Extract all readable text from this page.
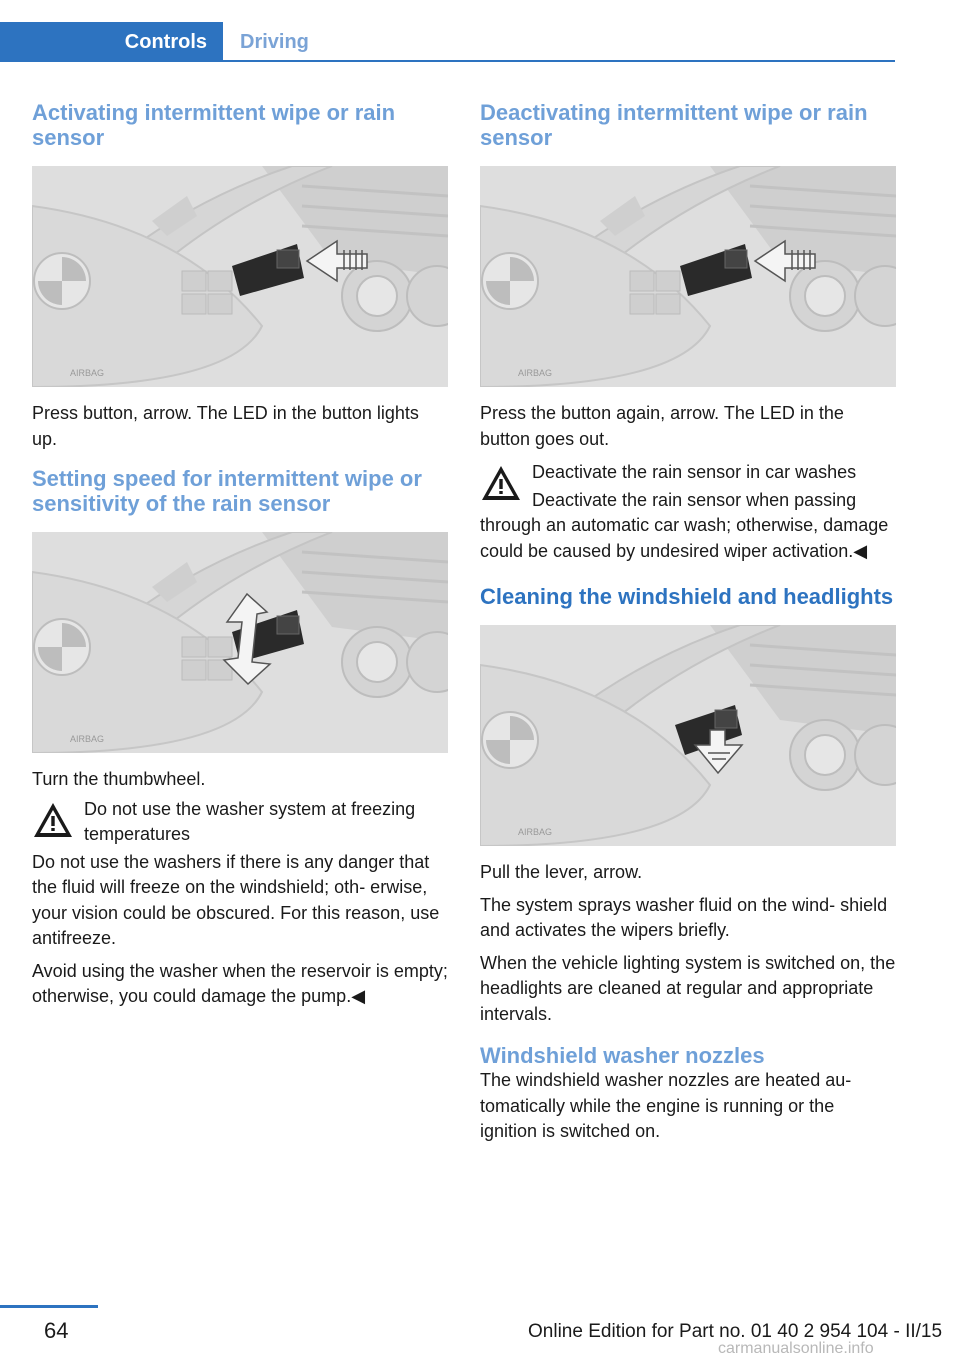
Controls	Driving
Activating intermittent wipe or rain sensor
AIRBAG

Press button, arrow. The LED in the button lights up.

Setting speed for intermittent wipe or sensitivity of the rain sensor
AIRBAG

Turn the thumbwheel.

Do not use the washer system at freezing temperatures

Do not use the washers if there is any danger that the fluid will freeze on the windshield; oth- erwise, your vision could be obscured. For this reason, use antifreeze.

Avoid using the washer when the reservoir is empty; otherwise, you could damage the pump.◀

Deactivating intermittent wipe or rain sensor
AIRBAG

Press the button again, arrow. The LED in the button goes out.

Deactivate the rain sensor in car washes

Deactivate the rain sensor when passing through an automatic car wash; otherwise, damage could be caused by undesired wiper activation.◀

Cleaning the windshield and headlights
AIRBAG

Pull the lever, arrow.

The system sprays washer fluid on the wind- shield and activates the wipers briefly.

When the vehicle lighting system is switched on, the headlights are cleaned at regular and appropriate intervals.

Windshield washer nozzles

The windshield washer nozzles are heated au- tomatically while the engine is running or the ignition is switched on.

64	Online Edition for Part no. 01 40 2 954 104 - II/15
carmanualsonline.info
